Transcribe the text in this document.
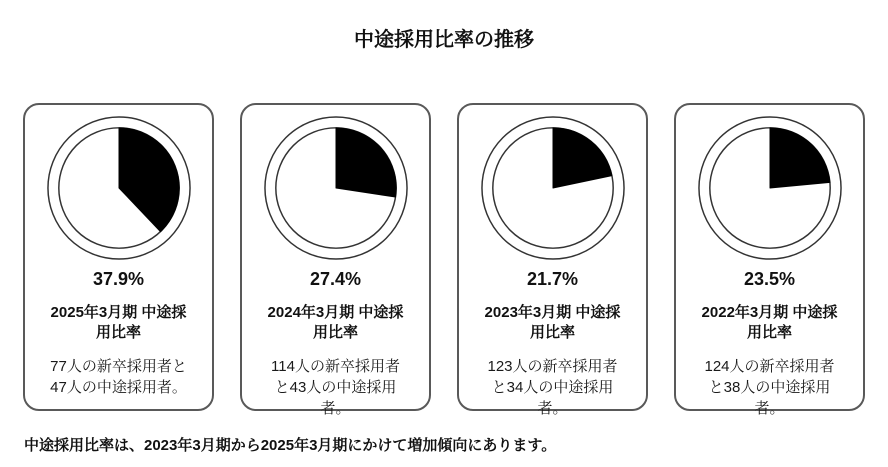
中途採用比率の推移
37.9%
2025年3月期 中途採用比率
77人の新卒採用者と47人の中途採用者。
27.4%
2024年3月期 中途採用比率
114人の新卒採用者と43人の中途採用者。
21.7%
2023年3月期 中途採用比率
123人の新卒採用者と34人の中途採用者。
23.5%
2022年3月期 中途採用比率
124人の新卒採用者と38人の中途採用者。

中途採用比率は、2023年3月期から2025年3月期にかけて増加傾向にあります。
